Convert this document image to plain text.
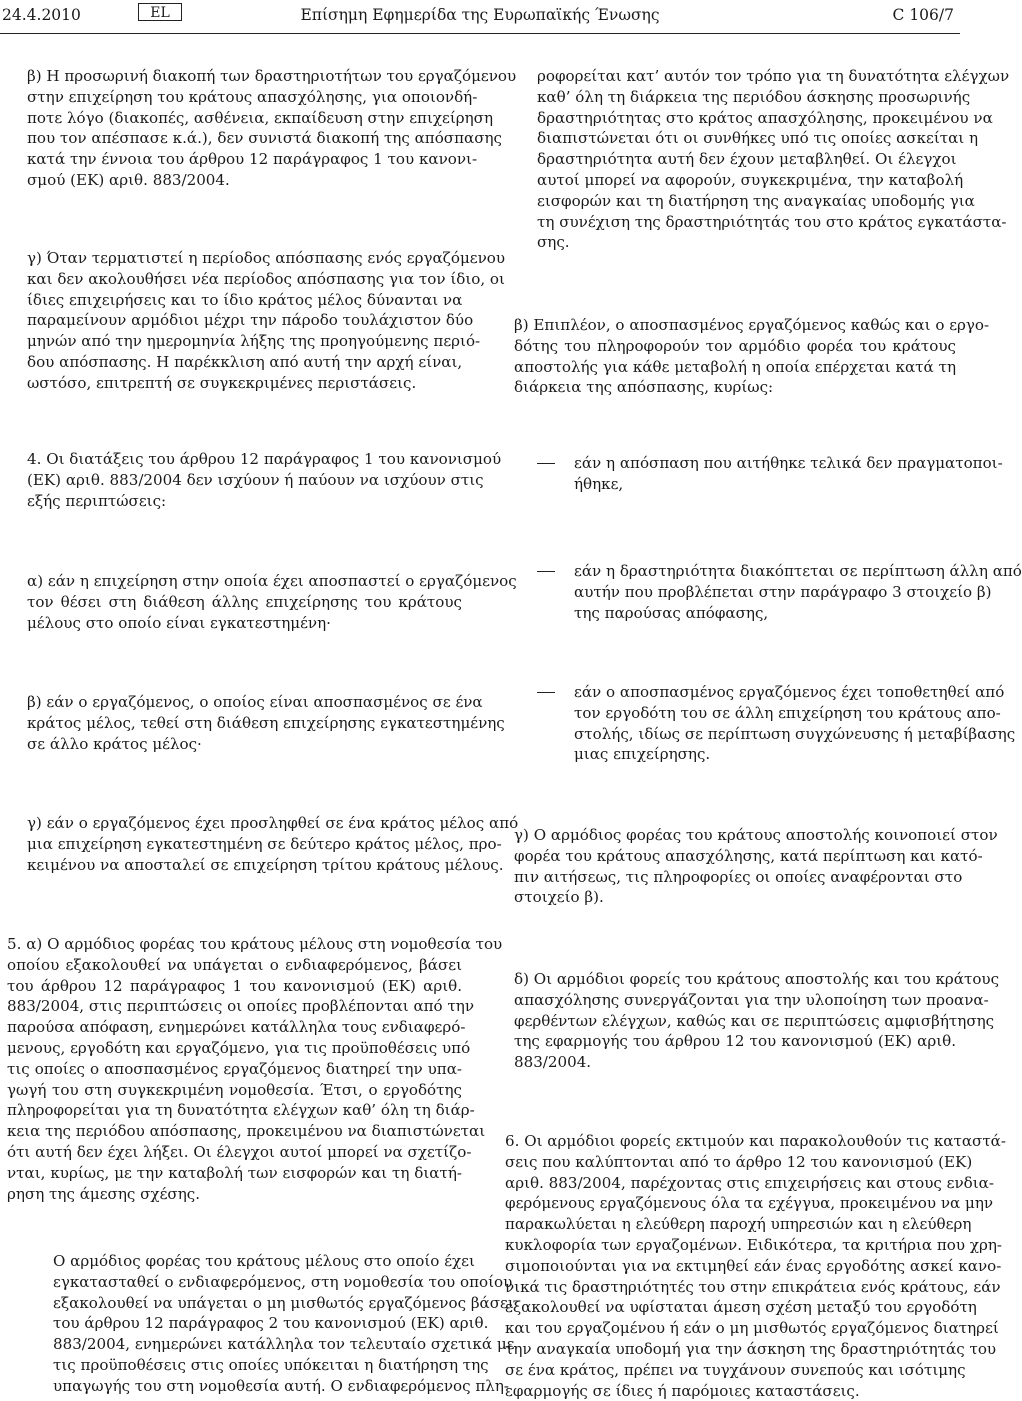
Επίσημη Εφημερίδα της Ευρωπαϊκής Ένωσης
24.4.2010	EL	C 106/7
β) Η προσωρινή διακοπή των δραστηριοτήτων του εργαζόμενου
στην επιχείρηση του κράτους απασχόλησης, για οποιονδή-
ποτε λόγο (διακοπές, ασθένεια, εκπαίδευση στην επιχείρηση
που τον απέσπασε κ.ά.), δεν συνιστά διακοπή της απόσπασης
κατά την έννοια του άρθρου 12 παράγραφος 1 του κανονι-
σμού (ΕΚ) αριθ. 883/2004.
γ) Όταν τερματιστεί η περίοδος απόσπασης ενός εργαζόμενου
και δεν ακολουθήσει νέα περίοδος απόσπασης για τον ίδιο, οι
ίδιες επιχειρήσεις και το ίδιο κράτος μέλος δύνανται να
παραμείνουν αρμόδιοι μέχρι την πάροδο τουλάχιστον δύο
μηνών από την ημερομηνία λήξης της προηγούμενης περιό-
δου απόσπασης. Η παρέκκλιση από αυτή την αρχή είναι,
ωστόσο, επιτρεπτή σε συγκεκριμένες περιστάσεις.
4. Οι διατάξεις του άρθρου 12 παράγραφος 1 του κανονισμού
(ΕΚ) αριθ. 883/2004 δεν ισχύουν ή παύουν να ισχύουν στις
εξής περιπτώσεις:
α) εάν η επιχείρηση στην οποία έχει αποσπαστεί ο εργαζόμενος
τον θέσει στη διάθεση άλλης επιχείρησης του κράτους
μέλους στο οποίο είναι εγκατεστημένη·
β) εάν ο εργαζόμενος, ο οποίος είναι αποσπασμένος σε ένα
κράτος μέλος, τεθεί στη διάθεση επιχείρησης εγκατεστημένης
σε άλλο κράτος μέλος·
γ) εάν ο εργαζόμενος έχει προσληφθεί σε ένα κράτος μέλος από
μια επιχείρηση εγκατεστημένη σε δεύτερο κράτος μέλος, προ-
κειμένου να αποσταλεί σε επιχείρηση τρίτου κράτους μέλους.
5. α) Ο αρμόδιος φορέας του κράτους μέλους στη νομοθεσία του
οποίου εξακολουθεί να υπάγεται ο ενδιαφερόμενος, βάσει
του άρθρου 12 παράγραφος 1 του κανονισμού (ΕΚ) αριθ.
883/2004, στις περιπτώσεις οι οποίες προβλέπονται από την
παρούσα απόφαση, ενημερώνει κατάλληλα τους ενδιαφερό-
μενους, εργοδότη και εργαζόμενο, για τις προϋποθέσεις υπό
τις οποίες ο αποσπασμένος εργαζόμενος διατηρεί την υπα-
γωγή του στη συγκεκριμένη νομοθεσία. Έτσι, ο εργοδότης
πληροφορείται για τη δυνατότητα ελέγχων καθ’ όλη τη διάρ-
κεια της περιόδου απόσπασης, προκειμένου να διαπιστώνεται
ότι αυτή δεν έχει λήξει. Οι έλεγχοι αυτοί μπορεί να σχετίζο-
νται, κυρίως, με την καταβολή των εισφορών και τη διατή-
ρηση της άμεσης σχέσης.
Ο αρμόδιος φορέας του κράτους μέλους στο οποίο έχει
εγκατασταθεί ο ενδιαφερόμενος, στη νομοθεσία του οποίου
εξακολουθεί να υπάγεται ο μη μισθωτός εργαζόμενος βάσει
του άρθρου 12 παράγραφος 2 του κανονισμού (ΕΚ) αριθ.
883/2004, ενημερώνει κατάλληλα τον τελευταίο σχετικά με
τις προϋποθέσεις στις οποίες υπόκειται η διατήρηση της
υπαγωγής του στη νομοθεσία αυτή. Ο ενδιαφερόμενος πλη-
ροφορείται κατ’ αυτόν τον τρόπο για τη δυνατότητα ελέγχων
καθ’ όλη τη διάρκεια της περιόδου άσκησης προσωρινής
δραστηριότητας στο κράτος απασχόλησης, προκειμένου να
διαπιστώνεται ότι οι συνθήκες υπό τις οποίες ασκείται η
δραστηριότητα αυτή δεν έχουν μεταβληθεί. Οι έλεγχοι
αυτοί μπορεί να αφορούν, συγκεκριμένα, την καταβολή
εισφορών και τη διατήρηση της αναγκαίας υποδομής για
τη συνέχιση της δραστηριότητάς του στο κράτος εγκατάστα-
σης.
β) Επιπλέον, ο αποσπασμένος εργαζόμενος καθώς και ο εργο-
δότης του πληροφορούν τον αρμόδιο φορέα του κράτους
αποστολής για κάθε μεταβολή η οποία επέρχεται κατά τη
διάρκεια της απόσπασης, κυρίως:
εάν η απόσπαση που αιτήθηκε τελικά δεν πραγματοποι-
ήθηκε,
εάν η δραστηριότητα διακόπτεται σε περίπτωση άλλη από
αυτήν που προβλέπεται στην παράγραφο 3 στοιχείο β)
της παρούσας απόφασης,
εάν ο αποσπασμένος εργαζόμενος έχει τοποθετηθεί από
τον εργοδότη του σε άλλη επιχείρηση του κράτους απο-
στολής, ιδίως σε περίπτωση συγχώνευσης ή μεταβίβασης
μιας επιχείρησης.
γ) Ο αρμόδιος φορέας του κράτους αποστολής κοινοποιεί στον
φορέα του κράτους απασχόλησης, κατά περίπτωση και κατό-
πιν αιτήσεως, τις πληροφορίες οι οποίες αναφέρονται στο
στοιχείο β).
δ) Οι αρμόδιοι φορείς του κράτους αποστολής και του κράτους
απασχόλησης συνεργάζονται για την υλοποίηση των προανα-
φερθέντων ελέγχων, καθώς και σε περιπτώσεις αμφισβήτησης
της εφαρμογής του άρθρου 12 του κανονισμού (ΕΚ) αριθ.
883/2004.
6. Οι αρμόδιοι φορείς εκτιμούν και παρακολουθούν τις καταστά-
σεις που καλύπτονται από το άρθρο 12 του κανονισμού (ΕΚ)
αριθ. 883/2004, παρέχοντας στις επιχειρήσεις και στους ενδια-
φερόμενους εργαζόμενους όλα τα εχέγγυα, προκειμένου να μην
παρακωλύεται η ελεύθερη παροχή υπηρεσιών και η ελεύθερη
κυκλοφορία των εργαζομένων. Ειδικότερα, τα κριτήρια που χρη-
σιμοποιούνται για να εκτιμηθεί εάν ένας εργοδότης ασκεί κανο-
νικά τις δραστηριότητές του στην επικράτεια ενός κράτους, εάν
εξακολουθεί να υφίσταται άμεση σχέση μεταξύ του εργοδότη
και του εργαζομένου ή εάν ο μη μισθωτός εργαζόμενος διατηρεί
την αναγκαία υποδομή για την άσκηση της δραστηριότητάς του
σε ένα κράτος, πρέπει να τυγχάνουν συνεπούς και ισότιμης
εφαρμογής σε ίδιες ή παρόμοιες καταστάσεις.
